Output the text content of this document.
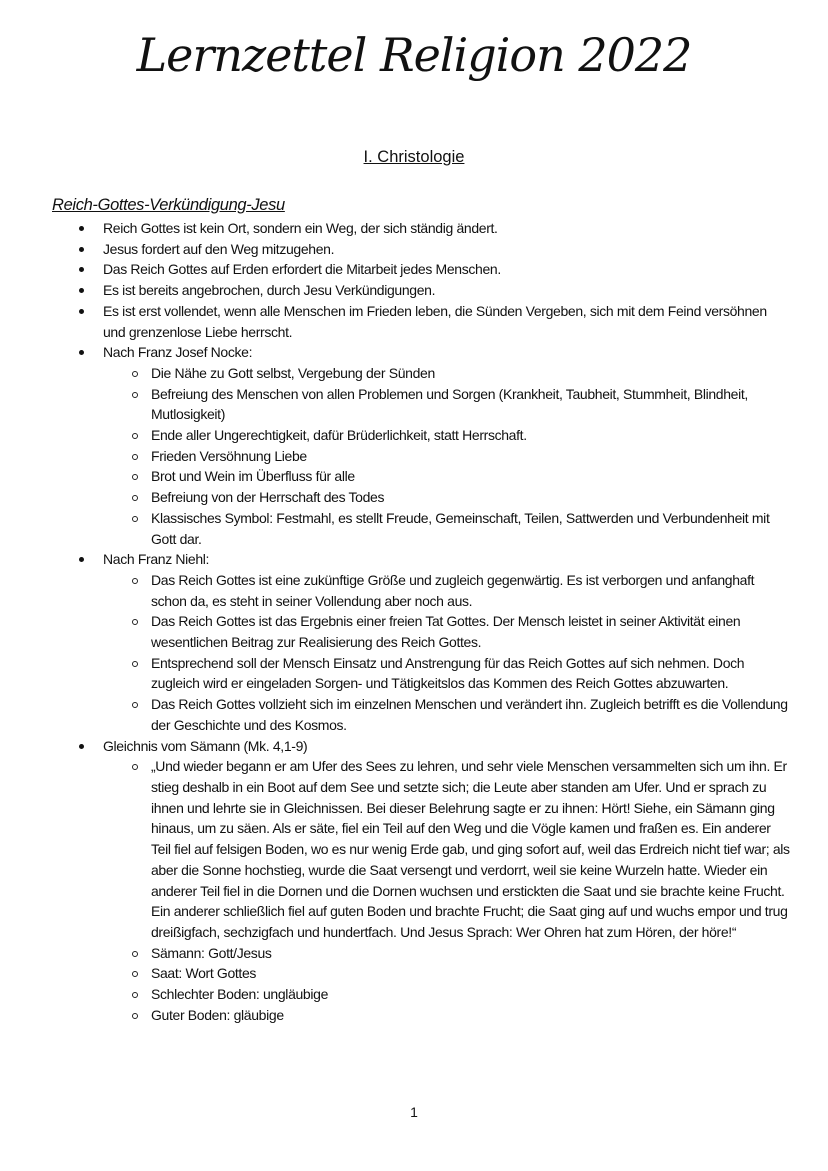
Lernzettel Religion 2022
I. Christologie
Reich-Gottes-Verkündigung-Jesu
Reich Gottes ist kein Ort, sondern ein Weg, der sich ständig ändert.
Jesus fordert auf den Weg mitzugehen.
Das Reich Gottes auf Erden erfordert die Mitarbeit jedes Menschen.
Es ist bereits angebrochen, durch Jesu Verkündigungen.
Es ist erst vollendet, wenn alle Menschen im Frieden leben, die Sünden Vergeben, sich mit dem Feind versöhnen und grenzenlose Liebe herrscht.
Nach Franz Josef Nocke:
Die Nähe zu Gott selbst, Vergebung der Sünden
Befreiung des Menschen von allen Problemen und Sorgen (Krankheit, Taubheit, Stummheit, Blindheit, Mutlosigkeit)
Ende aller Ungerechtigkeit, dafür Brüderlichkeit, statt Herrschaft.
Frieden Versöhnung Liebe
Brot und Wein im Überfluss für alle
Befreiung von der Herrschaft des Todes
Klassisches Symbol: Festmahl, es stellt Freude, Gemeinschaft, Teilen, Sattwerden und Verbundenheit mit Gott dar.
Nach Franz Niehl:
Das Reich Gottes ist eine zukünftige Größe und zugleich gegenwärtig. Es ist verborgen und anfanghaft schon da, es steht in seiner Vollendung aber noch aus.
Das Reich Gottes ist das Ergebnis einer freien Tat Gottes. Der Mensch leistet in seiner Aktivität einen wesentlichen Beitrag zur Realisierung des Reich Gottes.
Entsprechend soll der Mensch Einsatz und Anstrengung für das Reich Gottes auf sich nehmen. Doch zugleich wird er eingeladen Sorgen- und Tätigkeitslos das Kommen des Reich Gottes abzuwarten.
Das Reich Gottes vollzieht sich im einzelnen Menschen und verändert ihn. Zugleich betrifft es die Vollendung der Geschichte und des Kosmos.
Gleichnis vom Sämann (Mk. 4,1-9)
„Und wieder begann er am Ufer des Sees zu lehren, und sehr viele Menschen versammelten sich um ihn. Er stieg deshalb in ein Boot auf dem See und setzte sich; die Leute aber standen am Ufer. Und er sprach zu ihnen und lehrte sie in Gleichnissen. Bei dieser Belehrung sagte er zu ihnen: Hört! Siehe, ein Sämann ging hinaus, um zu säen. Als er säte, fiel ein Teil auf den Weg und die Vögle kamen und fraßen es. Ein anderer Teil fiel auf felsigen Boden, wo es nur wenig Erde gab, und ging sofort auf, weil das Erdreich nicht tief war; als aber die Sonne hochstieg, wurde die Saat versengt und verdorrt, weil sie keine Wurzeln hatte. Wieder ein anderer Teil fiel in die Dornen und die Dornen wuchsen und erstickten die Saat und sie brachte keine Frucht. Ein anderer schließlich fiel auf guten Boden und brachte Frucht; die Saat ging auf und wuchs empor und trug dreißigfach, sechzigfach und hundertfach. Und Jesus Sprach: Wer Ohren hat zum Hören, der höre!“
Sämann: Gott/Jesus
Saat: Wort Gottes
Schlechter Boden: ungläubige
Guter Boden: gläubige
1
